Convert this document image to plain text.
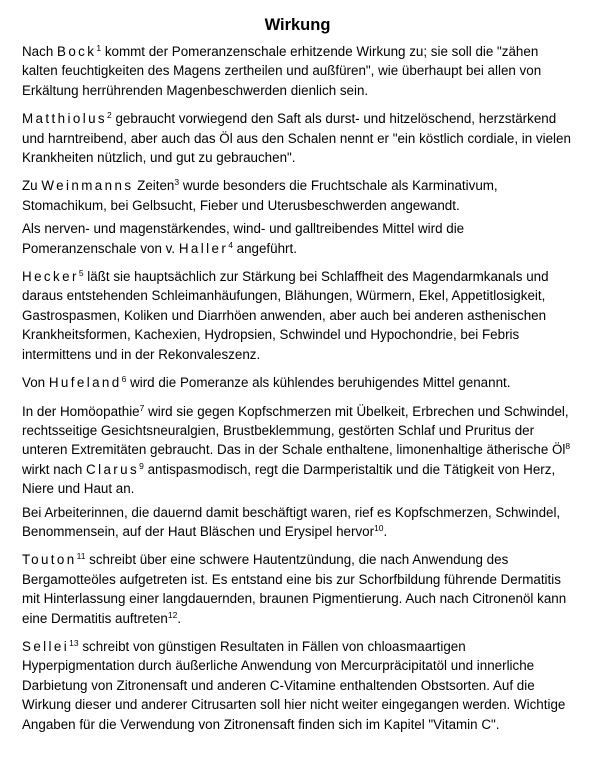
Wirkung

Nach Bock$^1$ kommt der Pomeranzenschale erhitzende Wirkung zu; sie soll die "zähen kalten feuchtigkeiten des Magens zertheilen und außfüren", wie überhaupt bei allen von Erkältung herrührenden Magenbeschwerden dienlich sein.

Matthiolus$^2$ gebraucht vorwiegend den Saft als durst- und hitzelöschend, herzstärkend und harntreibend, aber auch das Öl aus den Schalen nennt er "ein köstlich cordiale, in vielen Krankheiten nützlich, und gut zu gebrauchen".

Zu Weinmanns Zeiten$^3$ wurde besonders die Fruchtschale als Karminativum, Stomachikum, bei Gelbsucht, Fieber und Uterusbeschwerden angewandt.

Als nerven- und magenstärkendes, wind- und galltreibendes Mittel wird die Pomeranzenschale von v. Haller$^4$ angeführt.

Hecker$^5$ läßt sie hauptsächlich zur Stärkung bei Schlaffheit des Magendarmkanals und daraus entstehenden Schleimanhäufungen, Blähungen, Würmern, Ekel, Appetitlosigkeit, Gastrospasmen, Koliken und Diarrhöen anwenden, aber auch bei anderen asthenischen Krankheitsformen, Kachexien, Hydropsien, Schwindel und Hypochondrie, bei Febris intermittens und in der Rekonvaleszenz.

Von Hufeland$^6$ wird die Pomeranze als kühlendes beruhigendes Mittel genannt.

In der Homöopathie$^7$ wird sie gegen Kopfschmerzen mit Übelkeit, Erbrechen und Schwindel, rechtsseitige Gesichtsneuralgien, Brustbeklemmung, gestörten Schlaf und Pruritus der unteren Extremitäten gebraucht. Das in der Schale enthaltene, limonenhaltige ätherische $Öl^8$ wirkt nach Clarus$^9$ antispasmodisch, regt die Darmperistaltik und die Tätigkeit von Herz, Niere und Haut an.

Bei Arbeiterinnen, die dauernd damit beschäftigt waren, rief es Kopfschmerzen, Schwindel, Benommensein, auf der Haut Bläschen und Erysipel hervor$^{10}$.

Touton$^{11}$ schreibt über eine schwere Hautentzündung, die nach Anwendung des Bergamotteöles aufgetreten ist. Es entstand eine bis zur Schorfbildung führende Dermatitis mit Hinterlassung einer langdauernden, braunen Pigmentierung. Auch nach Citronenöl kann eine Dermatitis auftreten$^{12}$.

Sellei$^{13}$ schreibt von günstigen Resultaten in Fällen von chloasmaartigen Hyperpigmentation durch äußerliche Anwendung von Mercurpräcipitatöl und innerliche Darbietung von Zitronensaft und anderen C-Vitamine enthaltenden Obstsorten. Auf die Wirkung dieser und anderer Citrusarten soll hier nicht weiter eingegangen werden. Wichtige Angaben für die Verwendung von Zitronensaft finden sich im Kapitel "Vitamin C".
